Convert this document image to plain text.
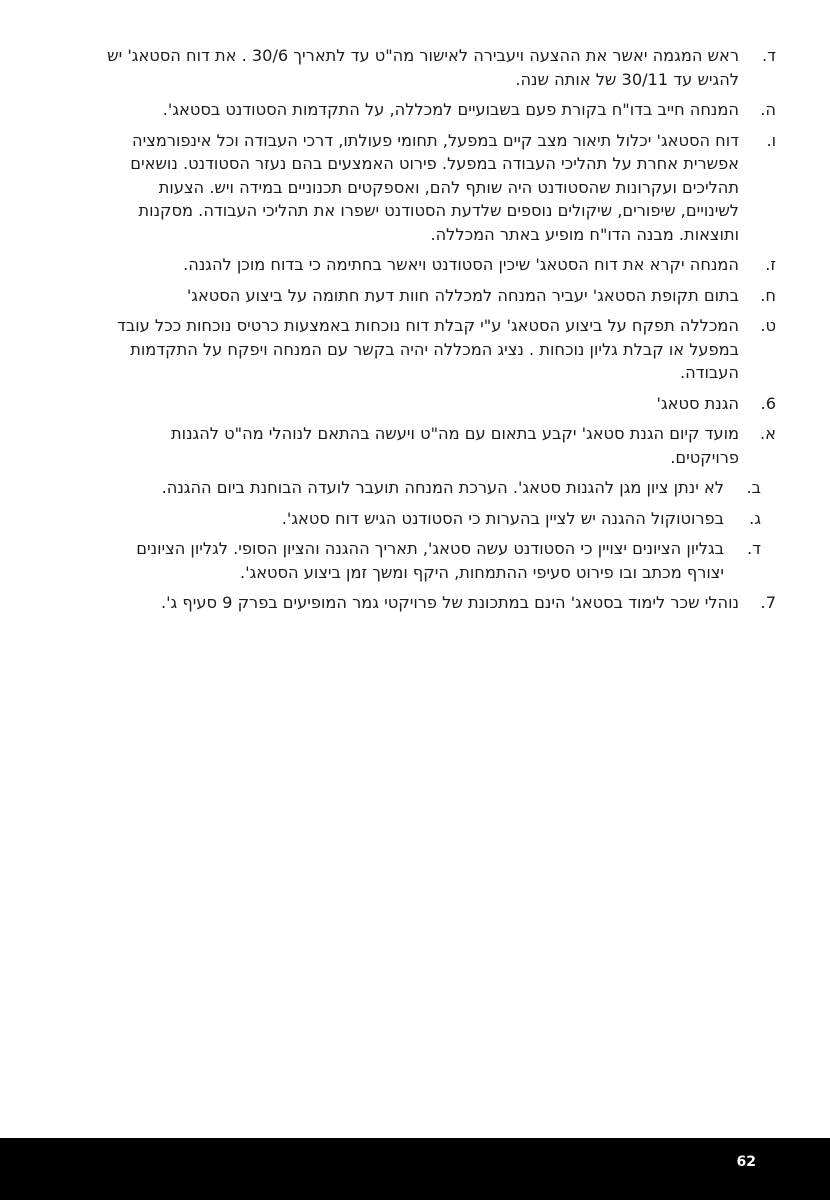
ד.
ראש המגמה יאשר את ההצעה ויעבירה לאישור מה"ט עד לתאריך 30/6 . את דוח הסטאג' יש להגיש עד 30/11 של אותה שנה.
ה.
המנחה חייב בדו"ח בקורת פעם בשבועיים למכללה, על התקדמות הסטודנט בסטאג'.
ו.
דוח הסטאג' יכלול תיאור מצב קיים במפעל, תחומי פעולתו, דרכי העבודה וכל אינפורמציה אפשרית אחרת על תהליכי העבודה במפעל. פירוט האמצעים בהם נעזר הסטודנט. נושאים תהליכים ועקרונות שהסטודנט היה שותף להם, ואספקטים תכנוניים במידה ויש. הצעות לשינויים, שיפורים, שיקולים נוספים שלדעת הסטודנט ישפרו את תהליכי העבודה. מסקנות ותוצאות. מבנה הדו"ח מופיע באתר המכללה.
ז.
המנחה יקרא את דוח הסטאג' שיכין הסטודנט ויאשר בחתימה כי בדוח מוכן להגנה.
ח.
בתום תקופת הסטאג' יעביר המנחה למכללה חוות דעת חתומה על ביצוע הסטאג'
ט.
המכללה תפקח על ביצוע הסטאג' ע"י קבלת דוח נוכחות באמצעות כרטיס נוכחות ככל עובד במפעל או קבלת גליון נוכחות . נציג המכללה יהיה בקשר עם המנחה ויפקח על התקדמות העבודה.
6.
הגנת סטאג'
א.
מועד קיום הגנת סטאג' יקבע בתאום עם מה"ט ויעשה בהתאם לנוהלי מה"ט להגנות פרויקטים.
ב.
לא ינתן ציון מגן להגנות סטאג'. הערכת המנחה תועבר לועדה הבוחנת ביום ההגנה.
ג.
בפרוטוקול ההגנה יש לציין בהערות כי הסטודנט הגיש דוח סטאג'.
ד.
בגליון הציונים יצויין כי הסטודנט עשה סטאג', תאריך ההגנה והציון הסופי. לגליון הציונים יצורף מכתב ובו פירוט סעיפי ההתמחות, היקף ומשך זמן ביצוע הסטאג'.
7.
נוהלי שכר לימוד בסטאג' הינם במתכונת של פרויקטי גמר המופיעים בפרק 9 סעיף ג'.
62
